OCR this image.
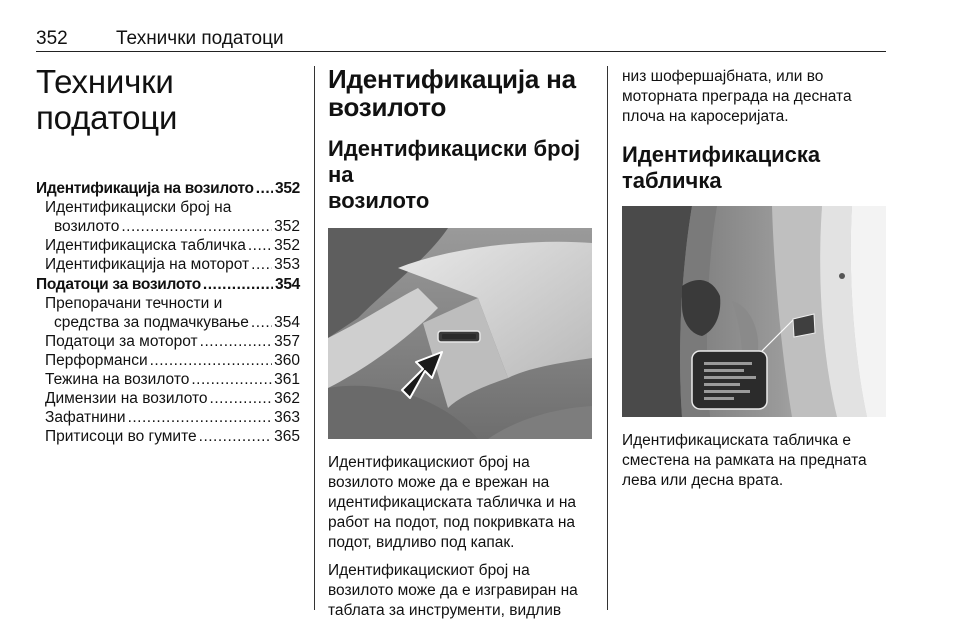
352	Технички податоци
Технички податоци
Идентификација на возилото ..... 352
Идентификациски број на
возилото .....	352
Идентификациска табличка ..... 352
Идентификација на моторот ..... 353
Податоци за возилото .....	354
Препорачани течности и
средства за подмачкување ..... 354
Податоци за моторот .....	357
Перформанси .....	360
Тежина на возилото .....	361
Димензии на возилото .....	362
Зафатнини .....	363
Притисоци во гумите .....	365
Идентификација на
возилото
Идентификациски број на
возилото

Идентификацискиот број на возилото може да е врежан на идентификациската табличка и на работ на подот, под покривката на подот, видливо под капак.

Идентификацискиот број на возилото може да е изгравиран на таблата за инструменти, видлив

низ шофершајбната, или во моторната преграда на десната плоча на каросеријата.

Идентификациска
табличка

Идентификациската табличка е сместена на рамката на предната лева или десна врата.
